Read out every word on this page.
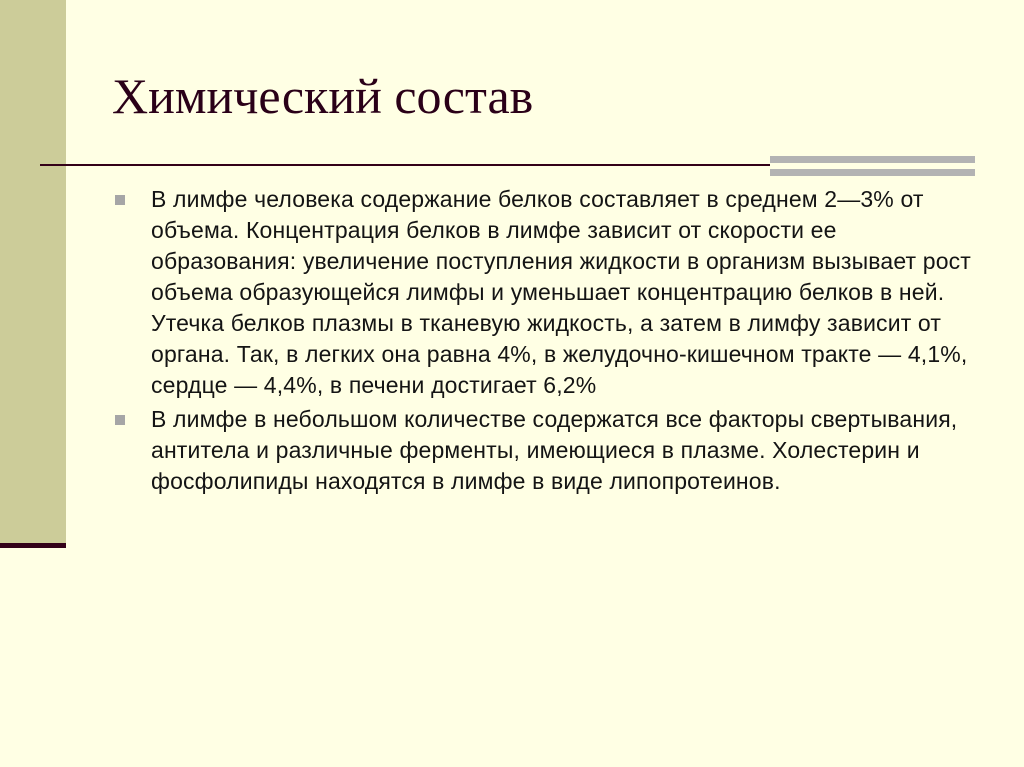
Химический состав
В лимфе человека содержание белков составляет в среднем 2—3% от объема. Концентрация белков в лимфе зависит от скорости ее образования: увеличение поступления жидкости в организм вызывает рост объема образующейся лимфы и уменьшает концентрацию белков в ней. Утечка белков плазмы в тканевую жидкость, а затем в лимфу зависит от органа. Так, в легких она равна 4%, в желудочно-кишечном тракте — 4,1%, сердце — 4,4%, в печени достигает 6,2%
В лимфе в небольшом количестве содержатся все факторы свертывания, антитела и различные ферменты, имеющиеся в плазме. Холестерин и фосфолипиды находятся в лимфе в виде липопротеинов.
